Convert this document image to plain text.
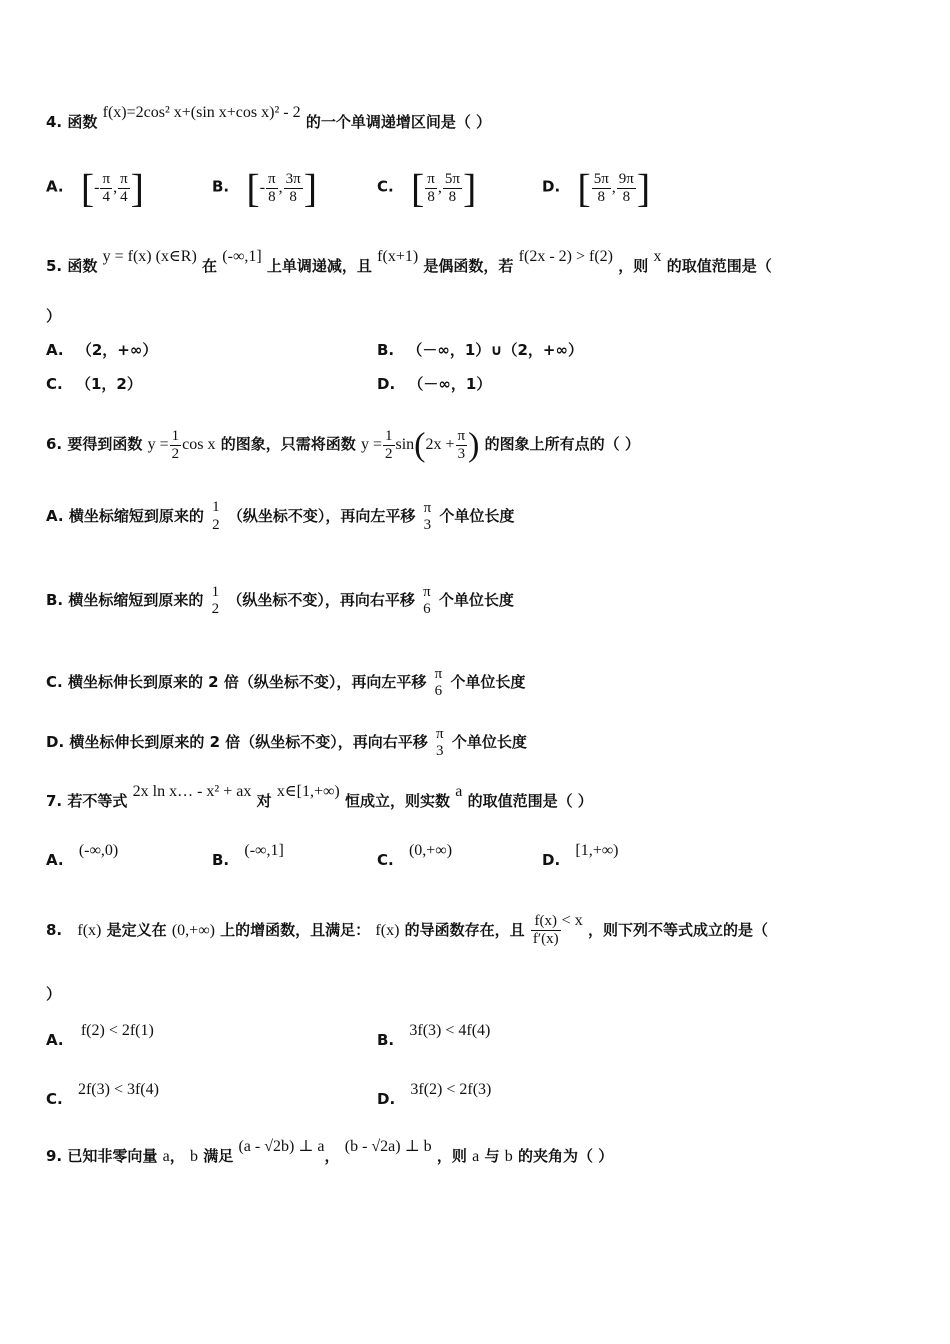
4. 函数 f(x)=2cos² x+(sin x+cos x)² - 2 的一个单调递增区间是（ ）
A. [- $\frac{\pi}{4}$ , $\frac{\pi}{4}$ ]	B. [- $\frac{\pi}{8}$ , $\frac{3\pi}{8}$ ]	C. [ $\frac{\pi}{8}$ , $\frac{5\pi}{8}$ ]	D. [ $\frac{5\pi}{8}$ , $\frac{9\pi}{8}$ ]
5. 函数 y = f(x) (x∈R) 在 (-∞,1] 上单调递减，且 f(x+1) 是偶函数，若 f(2x - 2) > f(2) ，则 x 的取值范围是（
）
A. （2，+∞）	B. （－∞，1）∪（2，+∞）
C. （1，2）	D. （－∞，1）
6. 要得到函数 $y = \frac{1}{2}$ cos x 的图象，只需将函数 $y = \frac{1}{2} \sin(2x + \frac{\pi}{3}$ ) 的图象上所有点的（ ）
A. 横坐标缩短到原来的 $\frac{1}{2}$ （纵坐标不变），再向左平移 π
3 个单位长度
B. 横坐标缩短到原来的 1
2 （纵坐标不变），再向右平移 π
6 个单位长度
C. 横坐标伸长到原来的 2 倍（纵坐标不变），再向左平移 π
6 个单位长度
D. 横坐标伸长到原来的 2 倍（纵坐标不变），再向右平移 π
3 个单位长度
7. 若不等式 2x ln x… - x² + ax 对 x∈[1,+∞) 恒成立，则实数 a 的取值范围是（ ）
A. (-∞,0)
B. (-∞,1]
C. (0,+∞)
D. [1,+∞)
8. f(x) 是定义在 (0,+∞) 上的增函数，且满足： f(x) 的导函数存在，且 $\frac{f(x)}{f'(x)} < x$ ，则下列不等式成立的是（
）
A. f(2) < 2f(1)
B. 3f(3) < 4f(4)
C. 2f(3) < 3f(4)
D. 3f(2) < 2f(3)
9. 已知非零向量 a， b 满足 (a - √2b) ⊥ a， (b - √2a) ⊥ b ，则 a 与 b 的夹角为（ ）
